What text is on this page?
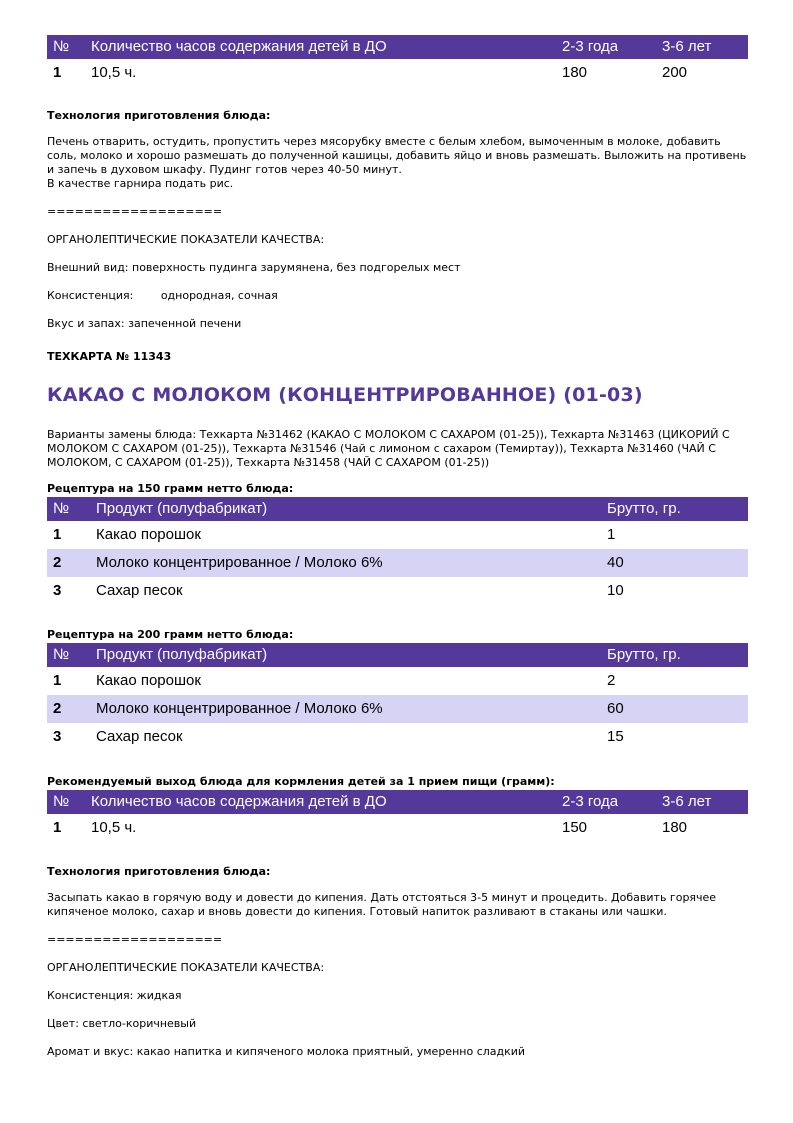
№	Количество часов содержания детей в ДО	2-3 года	3-6 лет
1	10,5 ч.	180	200
Технология приготовления блюда:
Печень отварить, остудить, пропустить через мясорубку вместе с белым хлебом, вымоченным в молоке, добавить соль, молоко и хорошо размешать до полученной кашицы, добавить яйцо и вновь размешать. Выложить на противень и запечь в духовом шкафу. Пудинг готов через 40-50 минут.
В качестве гарнира подать рис.
===================
ОРГАНОЛЕПТИЧЕСКИЕ ПОКАЗАТЕЛИ КАЧЕСТВА:
Внешний вид: поверхность пудинга зарумянена, без подгорелых мест
Консистенция:	однородная, сочная
Вкус и запах: запеченной печени
ТЕХКАРТА № 11343
КАКАО С МОЛОКОМ (КОНЦЕНТРИРОВАННОЕ) (01-03)
Варианты замены блюда: Техкарта №31462 (КАКАО С МОЛОКОМ С САХАРОМ (01-25)), Техкарта №31463 (ЦИКОРИЙ С МОЛОКОМ С САХАРОМ (01-25)), Техкарта №31546 (Чай с лимоном с сахаром (Темиртау)), Техкарта №31460 (ЧАЙ С МОЛОКОМ, С САХАРОМ (01-25)), Техкарта №31458 (ЧАЙ С САХАРОМ (01-25))
Рецептура на 150 грамм нетто блюда:
№	Продукт (полуфабрикат)	Брутто, гр.
1	Какао порошок	1
2	Молоко концентрированное / Молоко 6%	40
3	Сахар песок	10
Рецептура на 200 грамм нетто блюда:
№	Продукт (полуфабрикат)	Брутто, гр.
1	Какао порошок	2
2	Молоко концентрированное / Молоко 6%	60
3	Сахар песок	15
Рекомендуемый выход блюда для кормления детей за 1 прием пищи (грамм):
№	Количество часов содержания детей в ДО	2-3 года	3-6 лет
1	10,5 ч.	150	180
Технология приготовления блюда:
Засыпать какао в горячую воду и довести до кипения. Дать отстояться 3-5 минут и процедить. Добавить горячее кипяченое молоко, сахар и вновь довести до кипения. Готовый напиток разливают в стаканы или чашки.
===================
ОРГАНОЛЕПТИЧЕСКИЕ ПОКАЗАТЕЛИ КАЧЕСТВА:
Консистенция: жидкая
Цвет: светло-коричневый
Аромат и вкус: какао напитка и кипяченого молока приятный, умеренно сладкий
